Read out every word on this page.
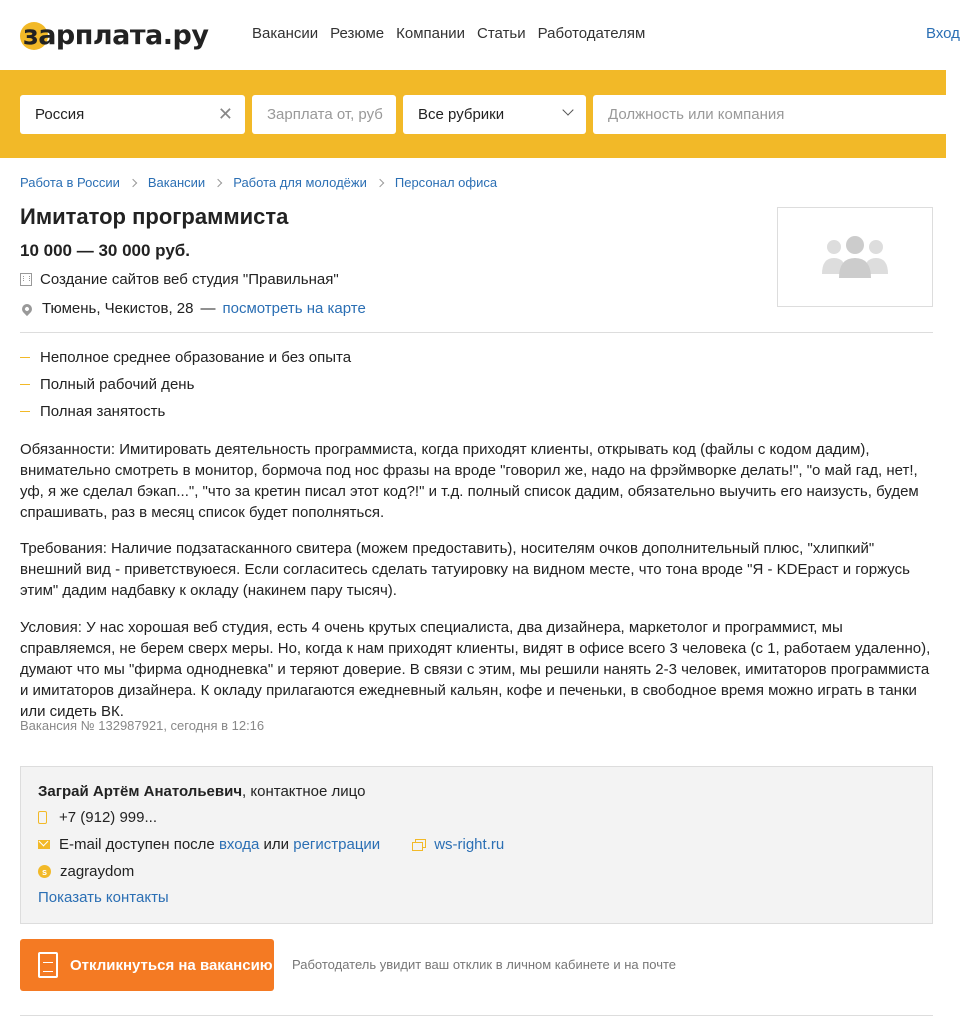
зарплата.ру	Вакансии Резюме Компании Статьи Работодателям	Вход
Россия	✕ Зарплата от, руб Все рубрики	Должность или компания
Работа в России Вакансии Работа для молодёжи Персонал офиса
Имитатор программиста
10 000 — 30 000 руб.
Создание сайтов веб студия "Правильная"
Тюмень, Чекистов, 28 — посмотреть на карте
Неполное среднее образование и без опыта
Полный рабочий день
Полная занятость

Обязанности: Имитировать деятельность программиста, когда приходят клиенты, открывать код (файлы с кодом дадим), внимательно смотреть в монитор, бормоча под нос фразы на вроде "говорил же, надо на фрэймворке делать!", "о май гад, нет!, уф, я же сделал бэкап...", "что за кретин писал этот код?!" и т.д. полный список дадим, обязательно выучить его наизусть, будем спрашивать, раз в месяц список будет пополняться.

Требования: Наличие подзатасканного свитера (можем предоставить), носителям очков дополнительный плюс, "хлипкий" внешний вид - приветствуюеся. Если согласитесь сделать татуировку на видном месте, что тона вроде "Я - KDEраст и горжусь этим" дадим надбавку к окладу (накинем пару тысяч).

Условия: У нас хорошая веб студия, есть 4 очень крутых специалиста, два дизайнера, маркетолог и программист, мы справляемся, не берем сверх меры. Но, когда к нам приходят клиенты, видят в офисе всего 3 человека (с 1, работаем удаленно), думают что мы "фирма однодневка" и теряют доверие. В связи с этим, мы решили нанять 2-3 человек, имитаторов программиста и имитаторов дизайнера. К окладу прилагаются ежедневный кальян, кофе и печеньки, в свободное время можно играть в танки или сидеть ВК.

Вакансия № 132987921, сегодня в 12:16
Заграй Артём Анатольевич , контактное лицо
+7 (912) 999...
E-mail доступен после
входа
или
регистрации	ws-right.ru
s zagraydom
Показать контакты
Откликнуться на вакансию Работодатель увидит ваш отклик в личном кабинете и на почте
